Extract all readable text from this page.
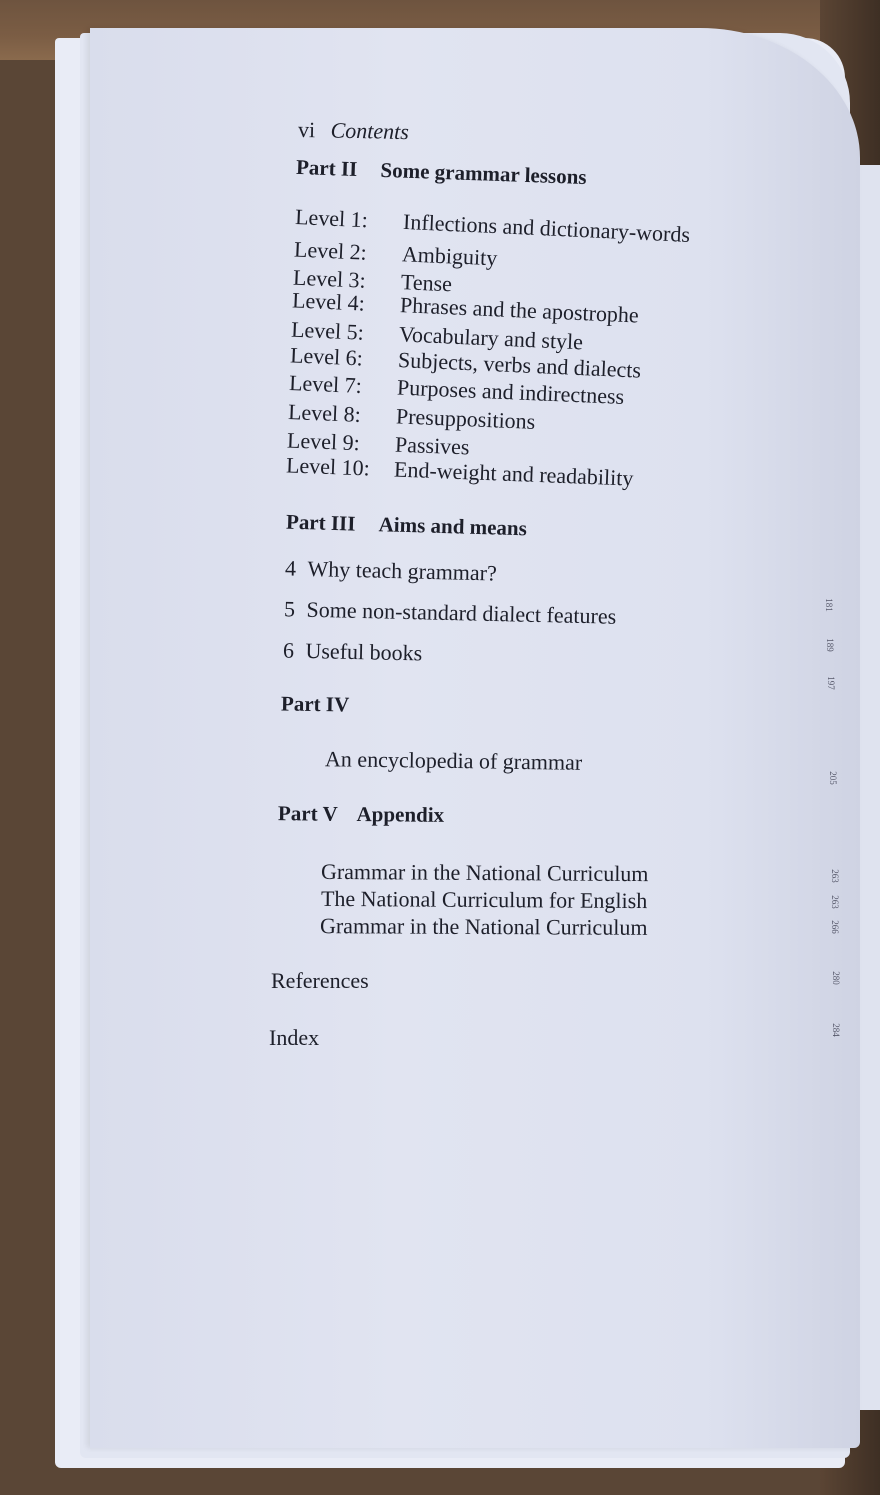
vi Contents
Part II Some grammar lessons
Level 1: Inflections and dictionary-words
Level 2: Ambiguity
Level 3: Tense
Level 4: Phrases and the apostrophe
Level 5: Vocabulary and style
Level 6: Subjects, verbs and dialects
Level 7: Purposes and indirectness
Level 8: Presuppositions
Level 9: Passives
Level 10: End-weight and readability
Part III Aims and means
4 Why teach grammar?
5 Some non-standard dialect features
6 Useful books
Part IV
An encyclopedia of grammar
Part V Appendix
Grammar in the National Curriculum
The National Curriculum for English
Grammar in the National Curriculum
References
Index
181
189
197
205
263
263
266
280
284
